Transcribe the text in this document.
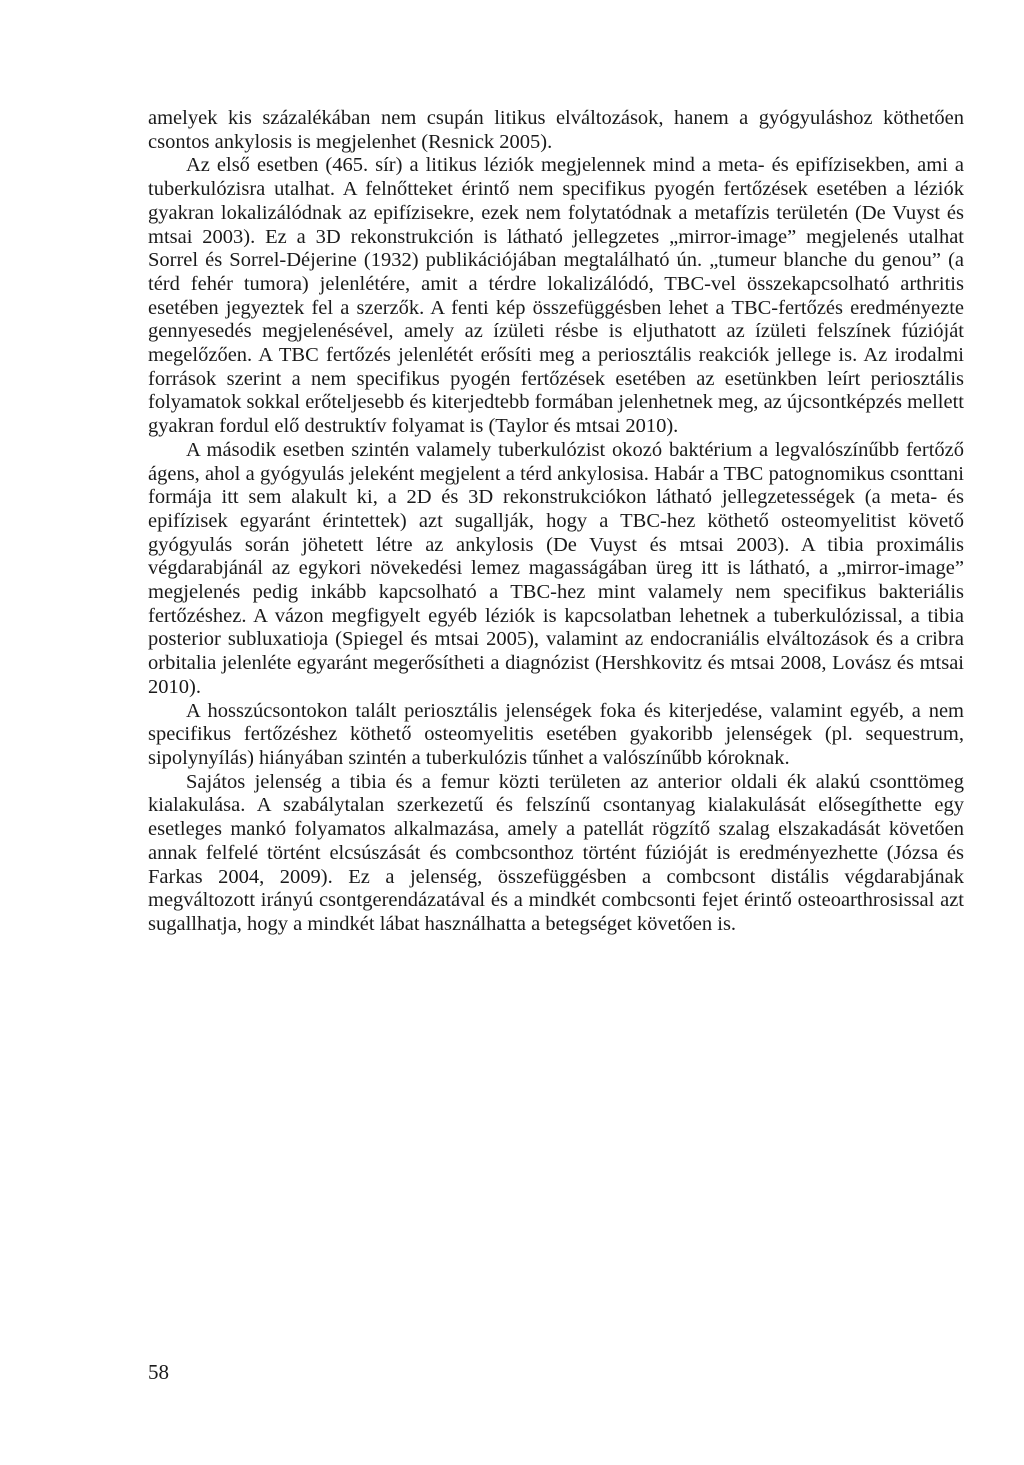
amelyek kis százalékában nem csupán litikus elváltozások, hanem a gyógyuláshoz köthetően csontos ankylosis is megjelenhet (Resnick 2005).

Az első esetben (465. sír) a litikus léziók megjelennek mind a meta- és epifízisekben, ami a tuberkulózisra utalhat. A felnőtteket érintő nem specifikus pyogén fertőzések esetében a léziók gyakran lokalizálódnak az epifízisekre, ezek nem folytatódnak a metafízis területén (De Vuyst és mtsai 2003). Ez a 3D rekonstrukción is látható jellegzetes „mirror-image” megjelenés utalhat Sorrel és Sorrel-Déjerine (1932) publikációjában megtalálható ún. „tumeur blanche du genou” (a térd fehér tumora) jelenlétére, amit a térdre lokalizálódó, TBC-vel összekapcsolható arthritis esetében jegyeztek fel a szerzők. A fenti kép összefüggésben lehet a TBC-fertőzés eredményezte gennyesedés megjelenésével, amely az ízületi résbe is eljuthatott az ízületi felszínek fúzióját megelőzően. A TBC fertőzés jelenlétét erősíti meg a periosztális reakciók jellege is. Az irodalmi források szerint a nem specifikus pyogén fertőzések esetében az esetünkben leírt periosztális folyamatok sokkal erőteljesebb és kiterjedtebb formában jelenhetnek meg, az újcsontképzés mellett gyakran fordul elő destruktív folyamat is (Taylor és mtsai 2010).

A második esetben szintén valamely tuberkulózist okozó baktérium a legvalószínűbb fertőző ágens, ahol a gyógyulás jeleként megjelent a térd ankylosisa. Habár a TBC patognomikus csonttani formája itt sem alakult ki, a 2D és 3D rekonstrukciókon látható jellegzetességek (a meta- és epifízisek egyaránt érintettek) azt sugallják, hogy a TBC-hez köthető osteomyelitist követő gyógyulás során jöhetett létre az ankylosis (De Vuyst és mtsai 2003). A tibia proximális végdarabjánál az egykori növekedési lemez magasságában üreg itt is látható, a „mirror-image” megjelenés pedig inkább kapcsolható a TBC-hez mint valamely nem specifikus bakteriális fertőzéshez. A vázon megfigyelt egyéb léziók is kapcsolatban lehetnek a tuberkulózissal, a tibia posterior subluxatioja (Spiegel és mtsai 2005), valamint az endocraniális elváltozások és a cribra orbitalia jelenléte egyaránt megerősítheti a diagnózist (Hershkovitz és mtsai 2008, Lovász és mtsai 2010).

A hosszúcsontokon talált periosztális jelenségek foka és kiterjedése, valamint egyéb, a nem specifikus fertőzéshez köthető osteomyelitis esetében gyakoribb jelenségek (pl. sequestrum, sipolynyílás) hiányában szintén a tuberkulózis tűnhet a valószínűbb kóroknak.

Sajátos jelenség a tibia és a femur közti területen az anterior oldali ék alakú csonttömeg kialakulása. A szabálytalan szerkezetű és felszínű csontanyag kialakulását elősegíthette egy esetleges mankó folyamatos alkalmazása, amely a patellát rögzítő szalag elszakadását követően annak felfelé történt elcsúszását és combcsonthoz történt fúzióját is eredményezhette (Józsa és Farkas 2004, 2009). Ez a jelenség, összefüggésben a combcsont distális végdarabjának megváltozott irányú csontgerendázatával és a mindkét combcsonti fejet érintő osteoarthrosissal azt sugallhatja, hogy a mindkét lábat használhatta a betegséget követően is.

58
